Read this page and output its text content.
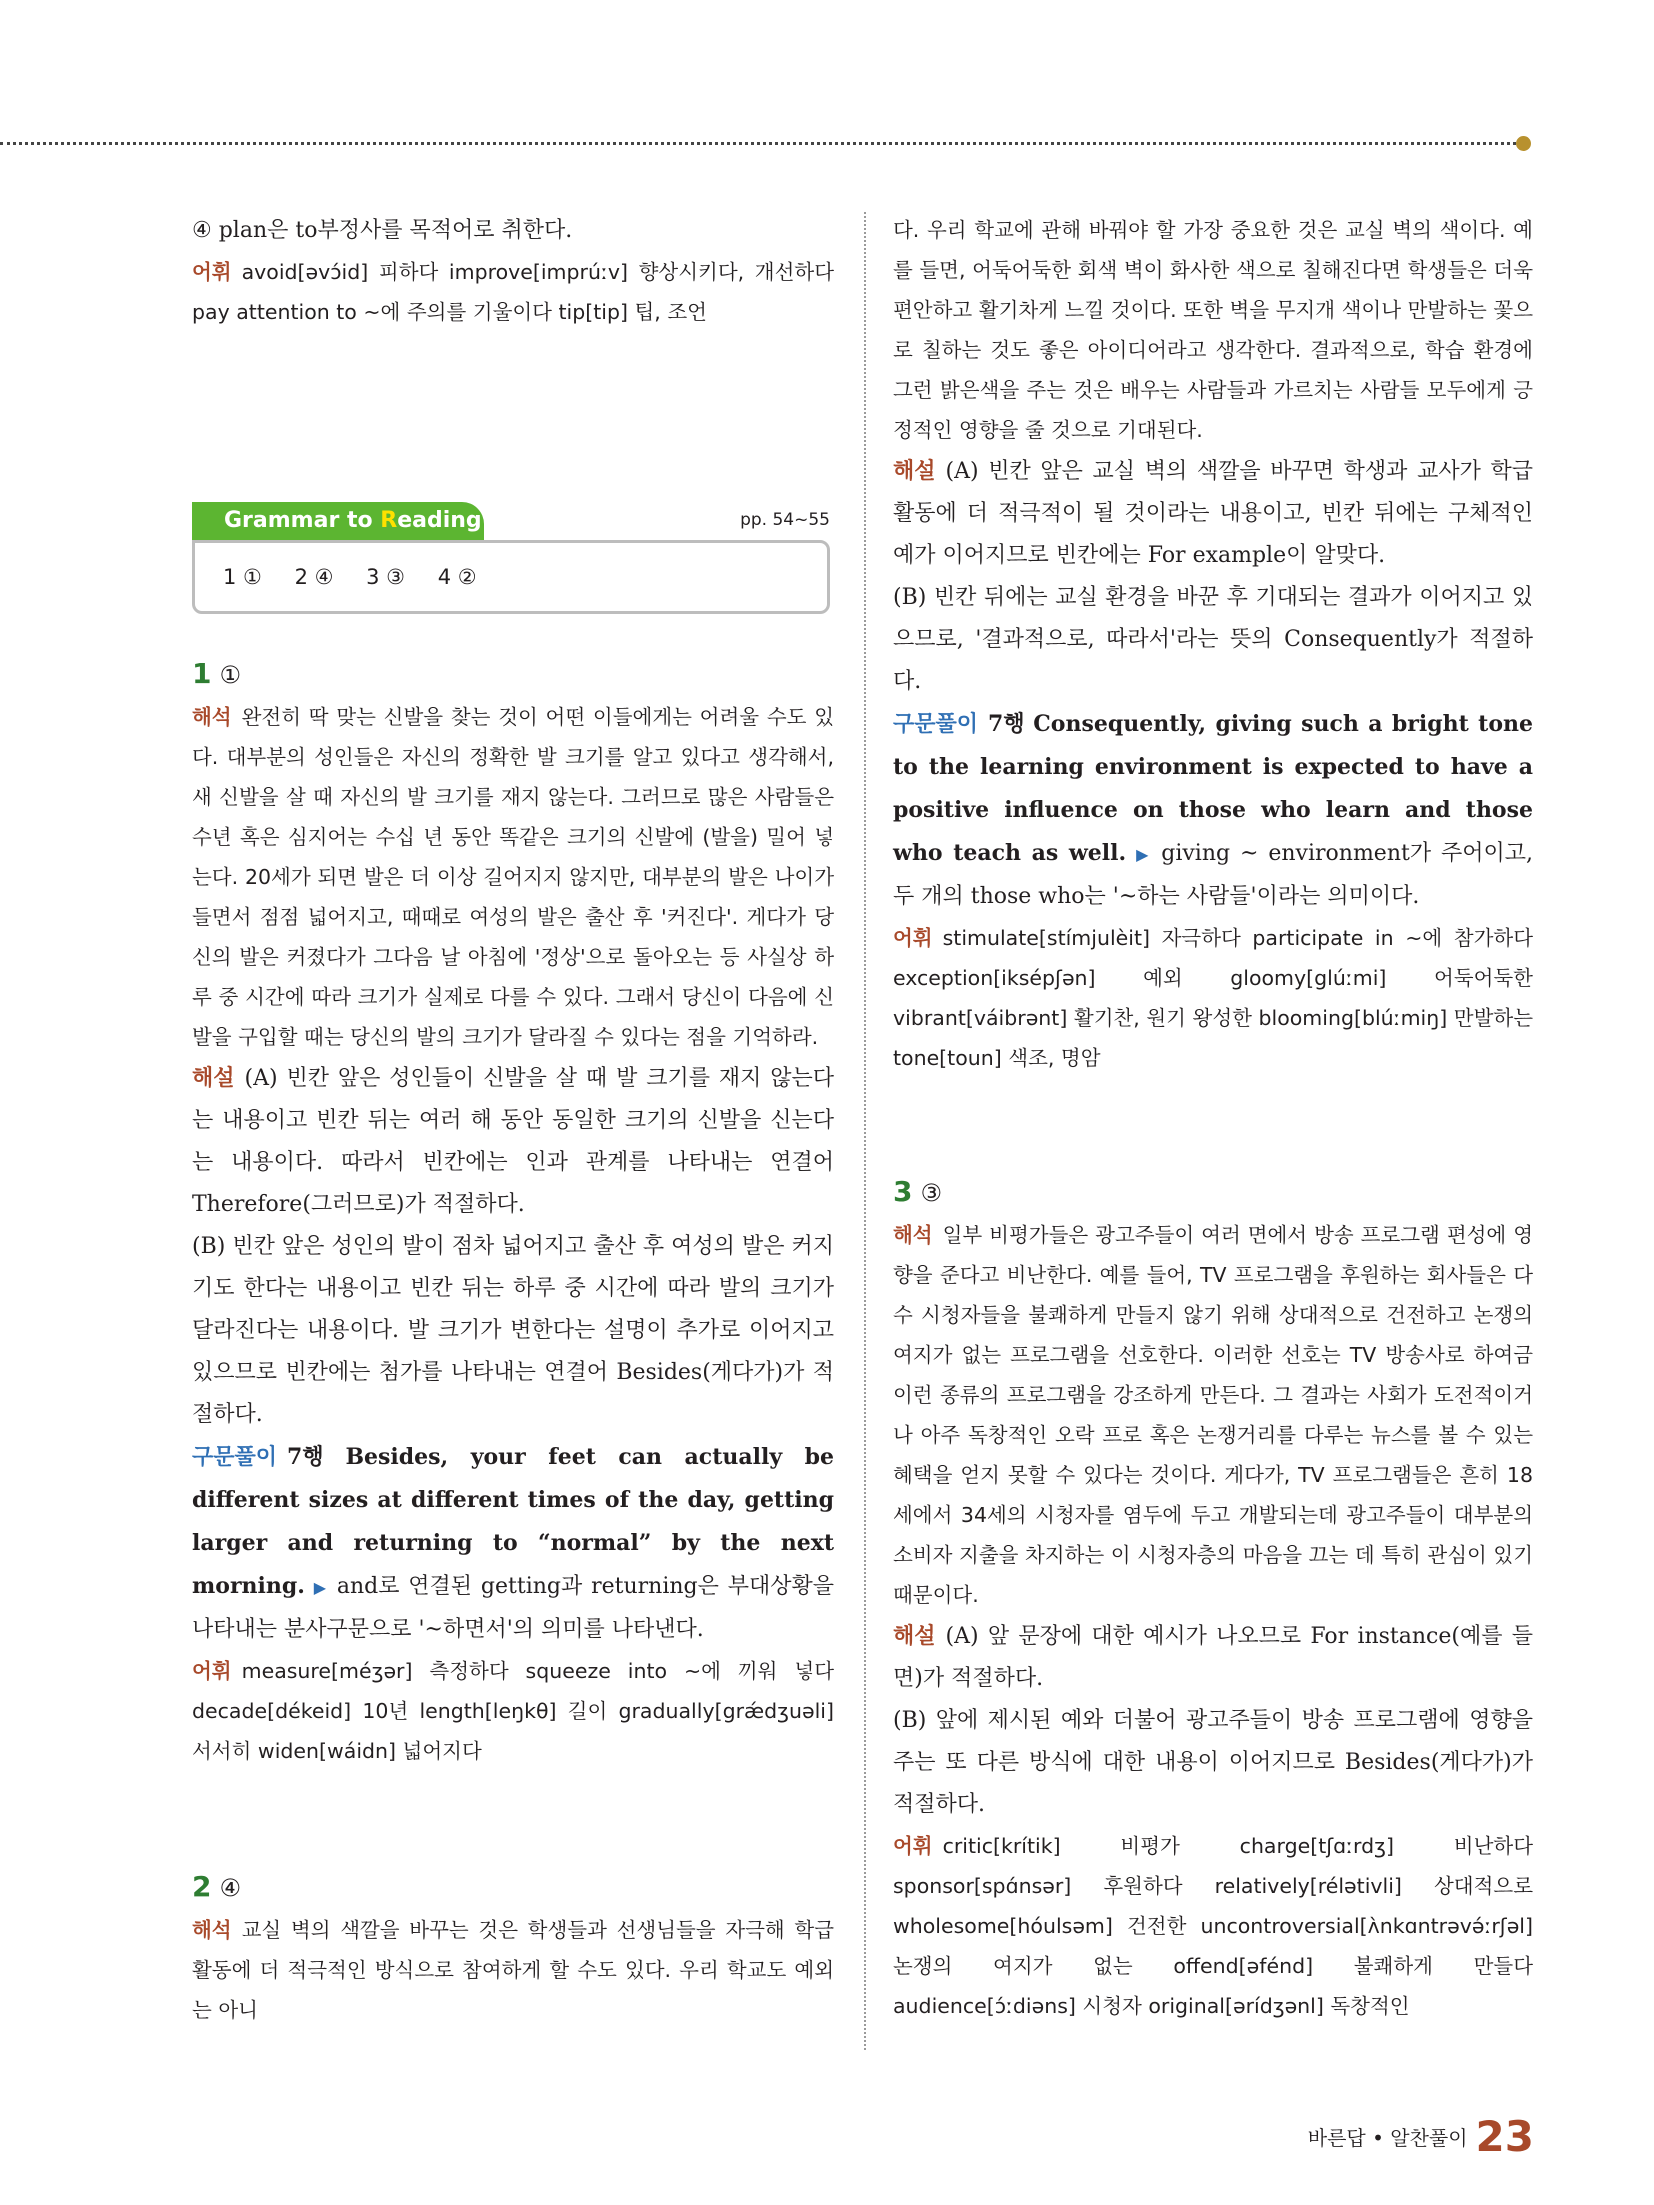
④ plan은 to부정사를 목적어로 취한다.

어휘 avoid[əvɔ́id] 피하다 improve[imprúːv] 향상시키다, 개선하다 pay attention to ~에 주의를 기울이다 tip[tip] 팁, 조언

Grammar to Reading	pp. 54~55
1 ① 2 ④ 3 ③ 4 ②

1 ①

해석 완전히 딱 맞는 신발을 찾는 것이 어떤 이들에게는 어려울 수도 있다. 대부분의 성인들은 자신의 정확한 발 크기를 알고 있다고 생각해서, 새 신발을 살 때 자신의 발 크기를 재지 않는다. 그러므로 많은 사람들은 수년 혹은 심지어는 수십 년 동안 똑같은 크기의 신발에 (발을) 밀어 넣는다. 20세가 되면 발은 더 이상 길어지지 않지만, 대부분의 발은 나이가 들면서 점점 넓어지고, 때때로 여성의 발은 출산 후 '커진다'. 게다가 당신의 발은 커졌다가 그다음 날 아침에 '정상'으로 돌아오는 등 사실상 하루 중 시간에 따라 크기가 실제로 다를 수 있다. 그래서 당신이 다음에 신발을 구입할 때는 당신의 발의 크기가 달라질 수 있다는 점을 기억하라.

해설 (A) 빈칸 앞은 성인들이 신발을 살 때 발 크기를 재지 않는다는 내용이고 빈칸 뒤는 여러 해 동안 동일한 크기의 신발을 신는다는 내용이다. 따라서 빈칸에는 인과 관계를 나타내는 연결어 Therefore(그러므로)가 적절하다.

(B) 빈칸 앞은 성인의 발이 점차 넓어지고 출산 후 여성의 발은 커지기도 한다는 내용이고 빈칸 뒤는 하루 중 시간에 따라 발의 크기가 달라진다는 내용이다. 발 크기가 변한다는 설명이 추가로 이어지고 있으므로 빈칸에는 첨가를 나타내는 연결어 Besides(게다가)가 적절하다.

구문풀이 7행 Besides, your feet can actually be different sizes at different times of the day, getting larger and returning to “normal” by the next morning. ▶ and로 연결된 getting과 returning은 부대상황을 나타내는 분사구문으로 '~하면서'의 의미를 나타낸다.

어휘 measure[méʒər] 측정하다 squeeze into ~에 끼워 넣다 decade[dékeid] 10년 length[leŋkθ] 길이 gradually[grǽdʒuəli] 서서히 widen[wáidn] 넓어지다

2 ④

해석 교실 벽의 색깔을 바꾸는 것은 학생들과 선생님들을 자극해 학급 활동에 더 적극적인 방식으로 참여하게 할 수도 있다. 우리 학교도 예외는 아니

다. 우리 학교에 관해 바꿔야 할 가장 중요한 것은 교실 벽의 색이다. 예를 들면, 어둑어둑한 회색 벽이 화사한 색으로 칠해진다면 학생들은 더욱 편안하고 활기차게 느낄 것이다. 또한 벽을 무지개 색이나 만발하는 꽃으로 칠하는 것도 좋은 아이디어라고 생각한다. 결과적으로, 학습 환경에 그런 밝은색을 주는 것은 배우는 사람들과 가르치는 사람들 모두에게 긍정적인 영향을 줄 것으로 기대된다.

해설 (A) 빈칸 앞은 교실 벽의 색깔을 바꾸면 학생과 교사가 학급 활동에 더 적극적이 될 것이라는 내용이고, 빈칸 뒤에는 구체적인 예가 이어지므로 빈칸에는 For example이 알맞다.

(B) 빈칸 뒤에는 교실 환경을 바꾼 후 기대되는 결과가 이어지고 있으므로, '결과적으로, 따라서'라는 뜻의 Consequently가 적절하다.

구문풀이 7행 Consequently, giving such a bright tone to the learning environment is expected to have a positive influence on those who learn and those who teach as well. ▶ giving ~ environment가 주어이고, 두 개의 those who는 '~하는 사람들'이라는 의미이다.

어휘 stimulate[stímjulèit] 자극하다 participate in ~에 참가하다 exception[iksépʃən] 예외 gloomy[glúːmi] 어둑어둑한 vibrant[váibrənt] 활기찬, 원기 왕성한 blooming[blúːmiŋ] 만발하는 tone[toun] 색조, 명암

3 ③

해석 일부 비평가들은 광고주들이 여러 면에서 방송 프로그램 편성에 영향을 준다고 비난한다. 예를 들어, TV 프로그램을 후원하는 회사들은 다수 시청자들을 불쾌하게 만들지 않기 위해 상대적으로 건전하고 논쟁의 여지가 없는 프로그램을 선호한다. 이러한 선호는 TV 방송사로 하여금 이런 종류의 프로그램을 강조하게 만든다. 그 결과는 사회가 도전적이거나 아주 독창적인 오락 프로 혹은 논쟁거리를 다루는 뉴스를 볼 수 있는 혜택을 얻지 못할 수 있다는 것이다. 게다가, TV 프로그램들은 흔히 18세에서 34세의 시청자를 염두에 두고 개발되는데 광고주들이 대부분의 소비자 지출을 차지하는 이 시청자층의 마음을 끄는 데 특히 관심이 있기 때문이다.

해설 (A) 앞 문장에 대한 예시가 나오므로 For instance(예를 들면)가 적절하다.

(B) 앞에 제시된 예와 더불어 광고주들이 방송 프로그램에 영향을 주는 또 다른 방식에 대한 내용이 이어지므로 Besides(게다가)가 적절하다.

어휘 critic[krítik] 비평가 charge[tʃɑːrdʒ] 비난하다 sponsor[spɑ́nsər] 후원하다 relatively[rélətivli] 상대적으로 wholesome[hóulsəm] 건전한 uncontroversial[ʌ̀nkɑntrəvə́ːrʃəl] 논쟁의 여지가 없는 offend[əfénd] 불쾌하게 만들다 audience[ɔ́ːdiəns] 시청자 original[ərídʒənl] 독창적인

바른답 • 알찬풀이 23
